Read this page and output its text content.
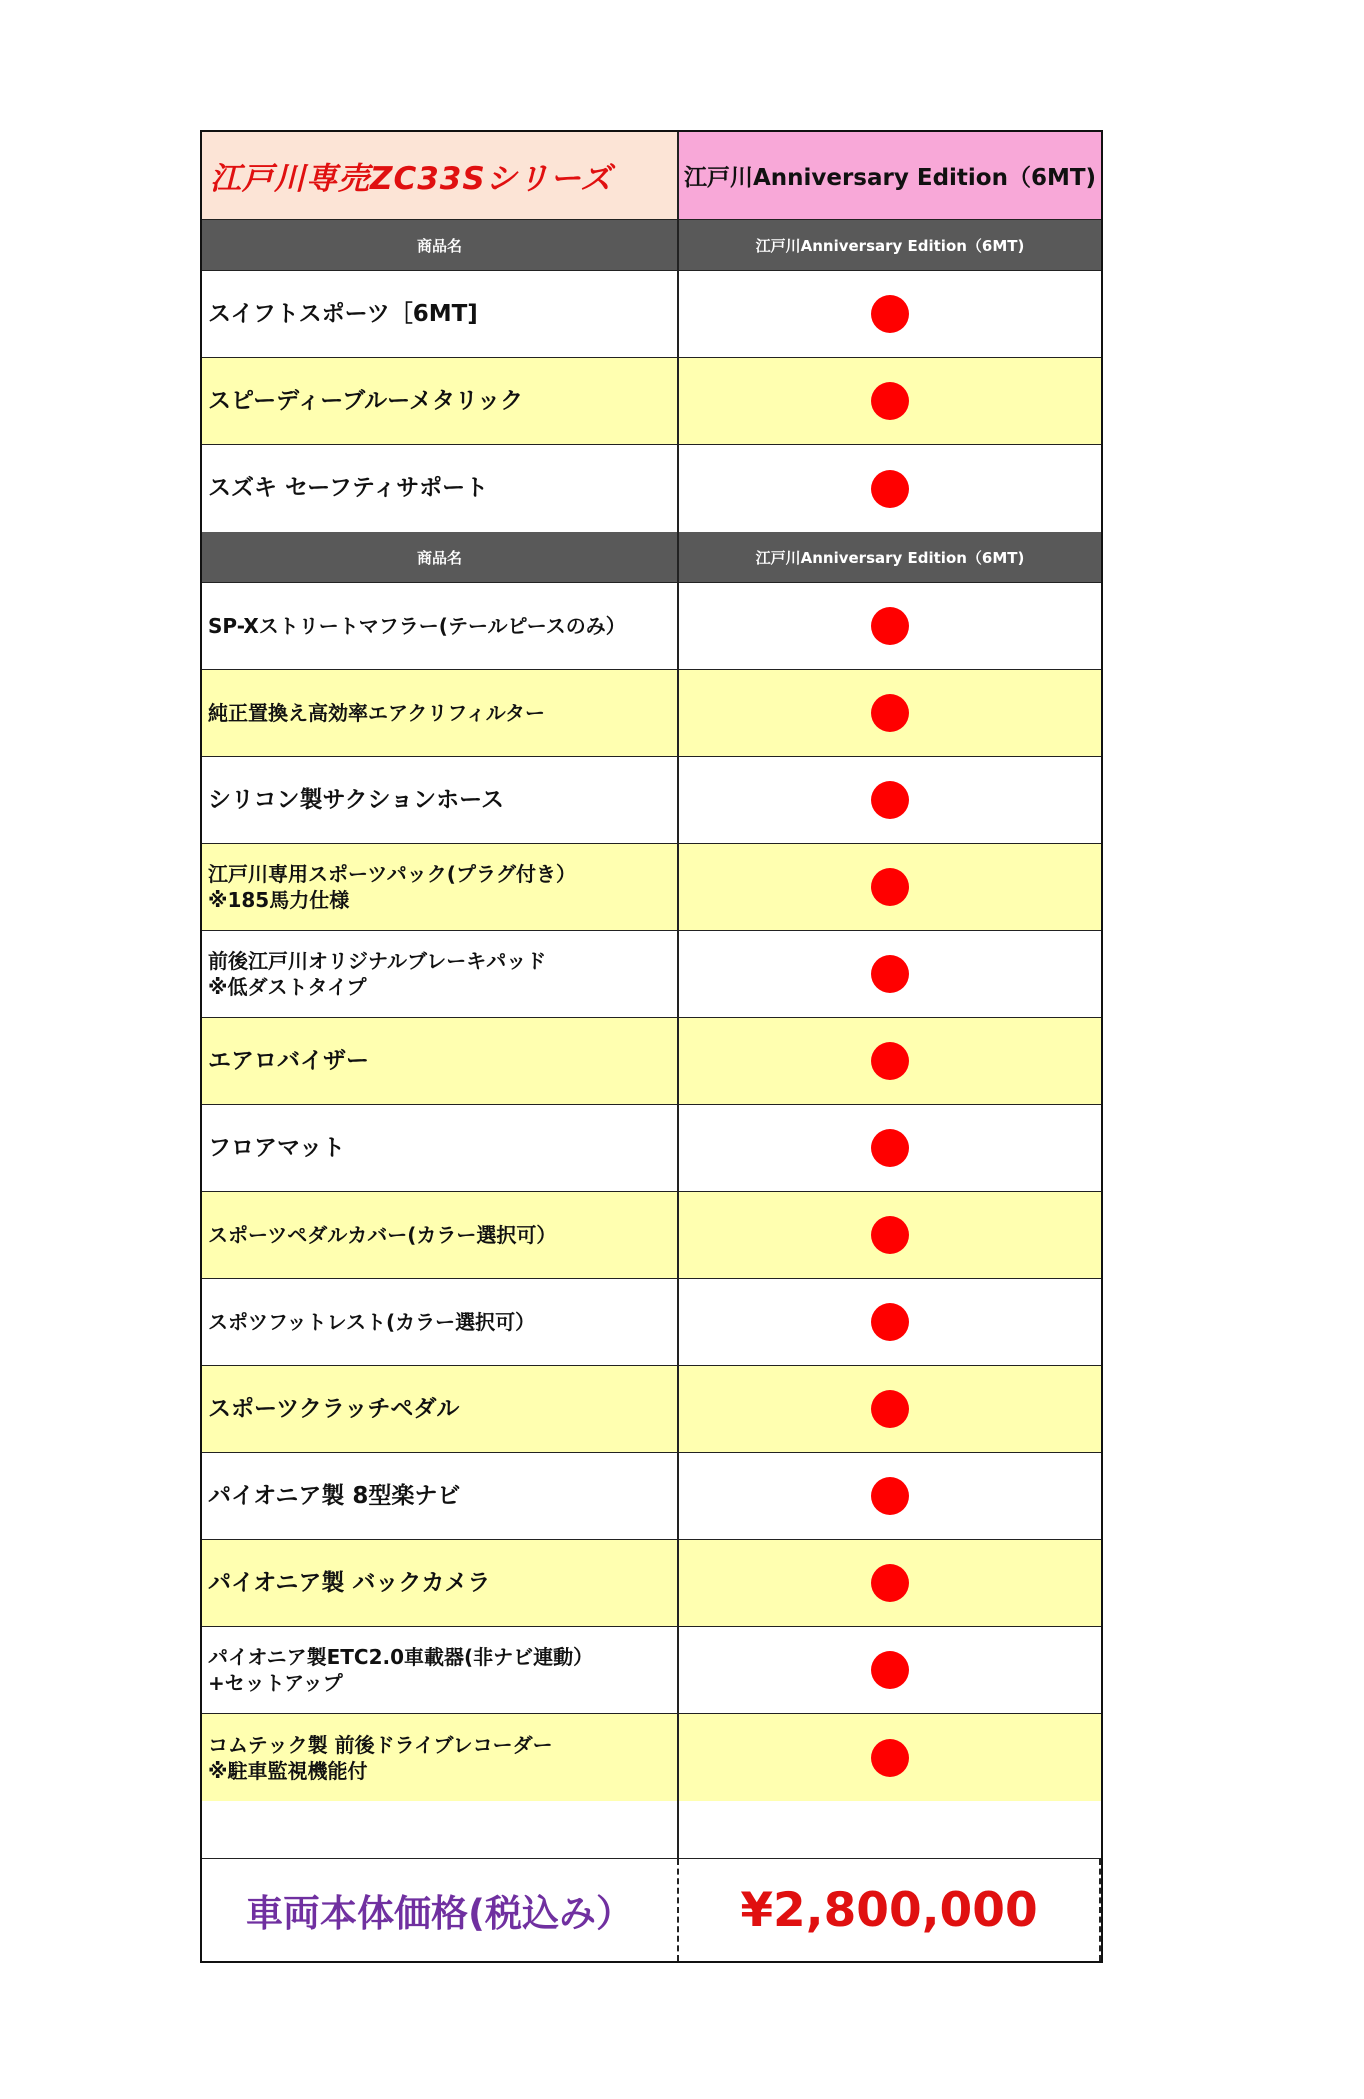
江戸川専売ZC33Sシリーズ	江戸川Anniversary Edition（6MT)
商品名	江戸川Anniversary Edition（6MT)
スイフトスポーツ［6MT]
スピーディーブルーメタリック
スズキ セーフティサポート
商品名	江戸川Anniversary Edition（6MT)
SP-Xストリートマフラー(テールピースのみ）
純正置換え高効率エアクリフィルター
シリコン製サクションホース
江戸川専用スポーツパック(プラグ付き）
※185馬力仕様
前後江戸川オリジナルブレーキパッド
※低ダストタイプ
エアロバイザー
フロアマット
スポーツペダルカバー(カラー選択可）
スポツフットレスト(カラー選択可）
スポーツクラッチペダル
パイオニア製 8型楽ナビ
パイオニア製 バックカメラ
パイオニア製ETC2.0車載器(非ナビ連動）
+セットアップ
コムテック製 前後ドライブレコーダー
※駐車監視機能付
車両本体価格(税込み）	¥2,800,000
